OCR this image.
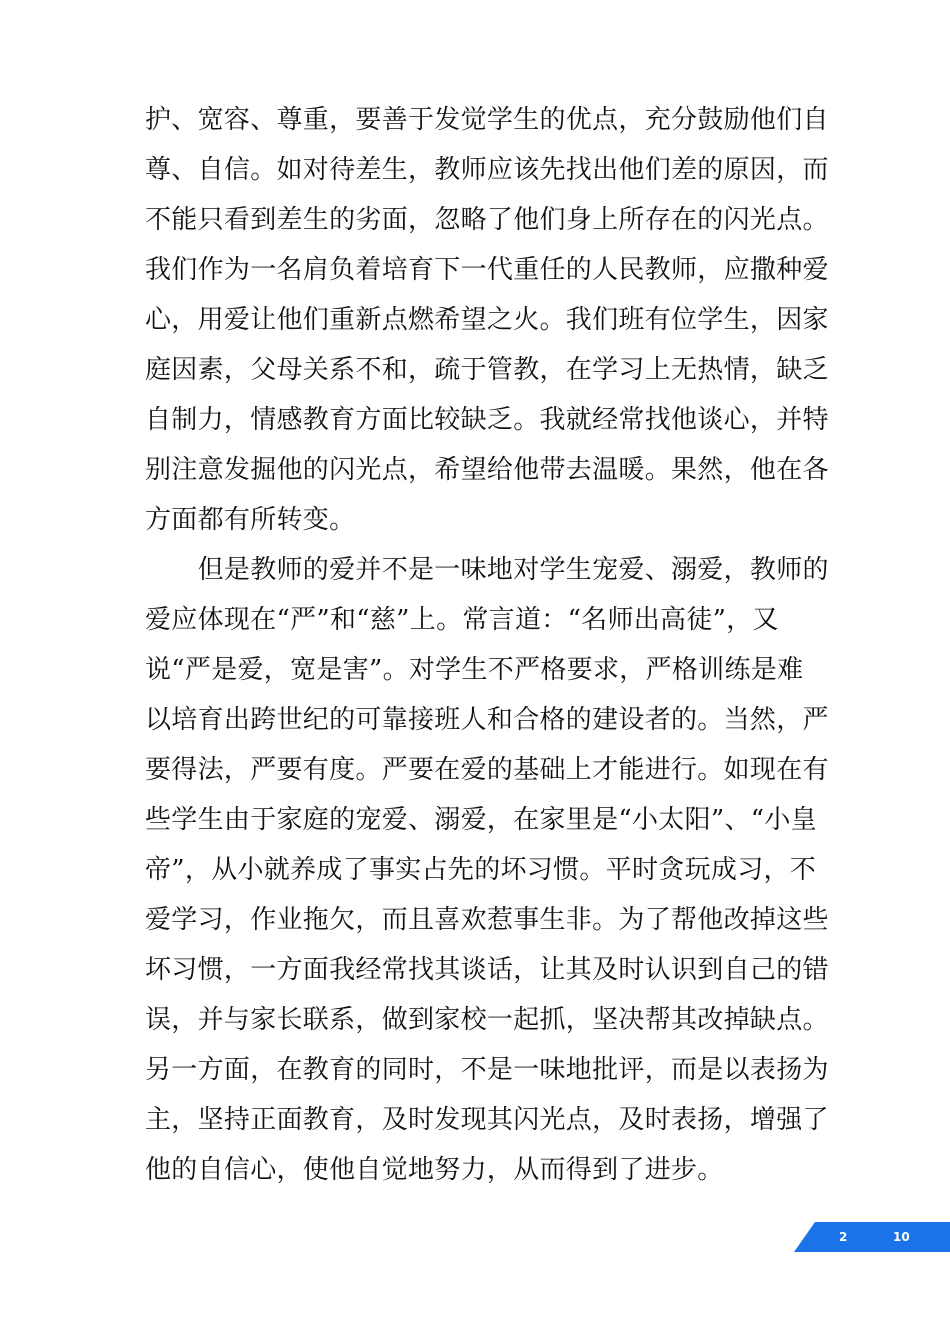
护、宽容、尊重，要善于发觉学生的优点，充分鼓励他们自
尊、自信。如对待差生，教师应该先找出他们差的原因，而
不能只看到差生的劣面，忽略了他们身上所存在的闪光点。
我们作为一名肩负着培育下一代重任的人民教师，应撒种爱
心，用爱让他们重新点燃希望之火。我们班有位学生，因家
庭因素，父母关系不和，疏于管教，在学习上无热情，缺乏
自制力，情感教育方面比较缺乏。我就经常找他谈心，并特
别注意发掘他的闪光点，希望给他带去温暖。果然，他在各
方面都有所转变。
　　但是教师的爱并不是一味地对学生宠爱、溺爱，教师的
爱应体现在“严”和“慈”上。常言道：“名师出高徒”，又
说“严是爱，宽是害”。对学生不严格要求，严格训练是难
以培育出跨世纪的可靠接班人和合格的建设者的。当然，严
要得法，严要有度。严要在爱的基础上才能进行。如现在有
些学生由于家庭的宠爱、溺爱，在家里是“小太阳”、“小皇
帝”，从小就养成了事实占先的坏习惯。平时贪玩成习，不
爱学习，作业拖欠，而且喜欢惹事生非。为了帮他改掉这些
坏习惯，一方面我经常找其谈话，让其及时认识到自己的错
误，并与家长联系，做到家校一起抓，坚决帮其改掉缺点。
另一方面，在教育的同时，不是一味地批评，而是以表扬为
主，坚持正面教育，及时发现其闪光点，及时表扬，增强了
他的自信心，使他自觉地努力，从而得到了进步。
2	10
